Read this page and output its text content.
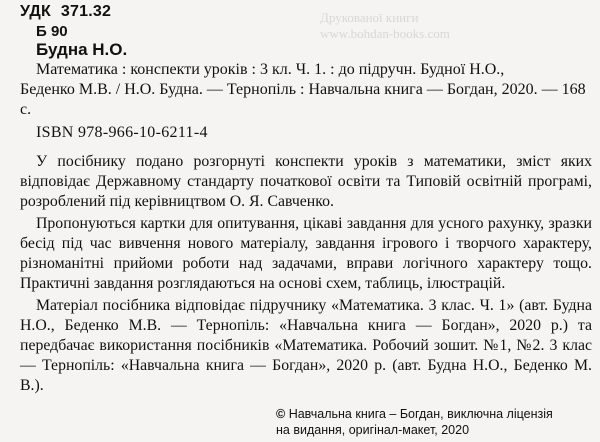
Друкованої книги
www.bohdan-books.com
УДК 371.32
Б 90
Будна Н.О.
Математика : конспекти уроків : 3 кл. Ч. 1. : до підручн. Будної Н.О.,
Беденко М.В. / Н.О. Будна. — Тернопіль : Навчальна книга — Богдан, 2020. — 168 с.
ISBN 978-966-10-6211-4

У посібнику подано розгорнуті конспекти уроків з математики, зміст яких відповідає Державному стандарту початкової освіти та Типовій освітній програмі, розроблений під керівництвом О. Я. Савченко.

Пропонуються картки для опитування, цікаві завдання для усного рахунку, зразки бесід під час вивчення нового матеріалу, завдання ігрового і творчого характеру, різноманітні прийоми роботи над задачами, вправи логічного характеру тощо. Практичні завдання розглядаються на основі схем, таблиць, ілюстрацій.

Матеріал посібника відповідає підручнику «Математика. 3 клас. Ч. 1» (авт. Будна Н.О., Беденко М.В. — Тернопіль: «Навчальна книга — Богдан», 2020 р.) та передбачає використання посібників «Математика. Робочий зошит. №1, №2. 3 клас — Тернопіль: «Навчальна книга — Богдан», 2020 р. (авт. Будна Н.О., Беденко М. В.).

© Навчальна книга – Богдан, виключна ліцензія
на видання, оригінал-макет, 2020
